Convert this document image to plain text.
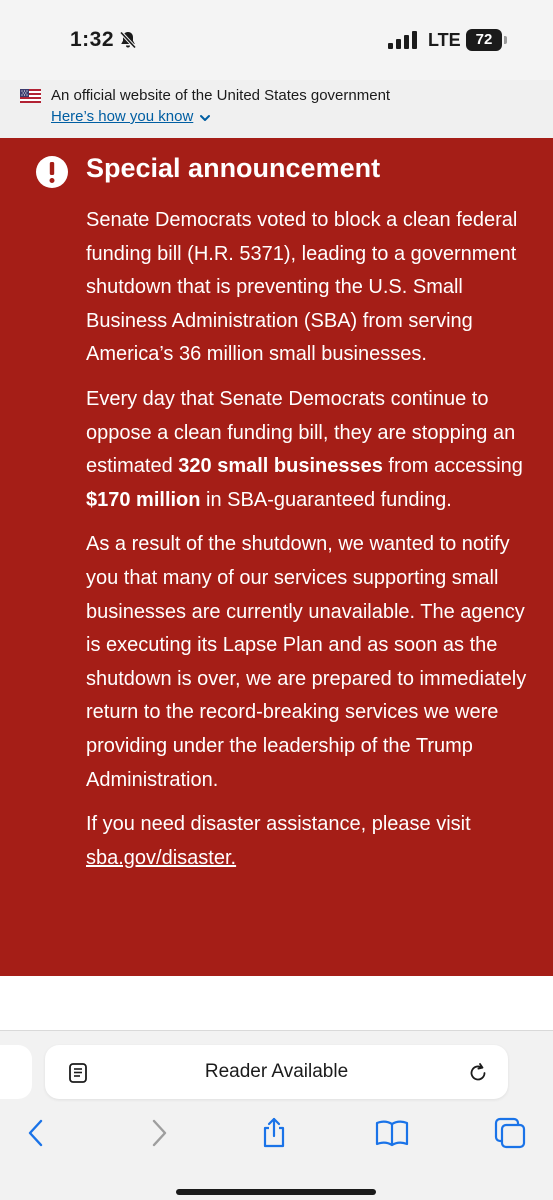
1:32	LTE 72
An official website of the United States government
Here’s how you know
Special announcement

Senate Democrats voted to block a clean federal funding bill (H.R. 5371), leading to a government shutdown that is preventing the U.S. Small Business Administration (SBA) from serving America’s 36 million small businesses.

Every day that Senate Democrats continue to oppose a clean funding bill, they are stopping an estimated 320 small businesses from accessing $170 million in SBA-guaranteed funding.

As a result of the shutdown, we wanted to notify you that many of our services supporting small businesses are currently unavailable. The agency is executing its Lapse Plan and as soon as the shutdown is over, we are prepared to immediately return to the record-breaking services we were providing under the leadership of the Trump Administration.

If you need disaster assistance, please visit sba.gov/disaster.

Reader Available
